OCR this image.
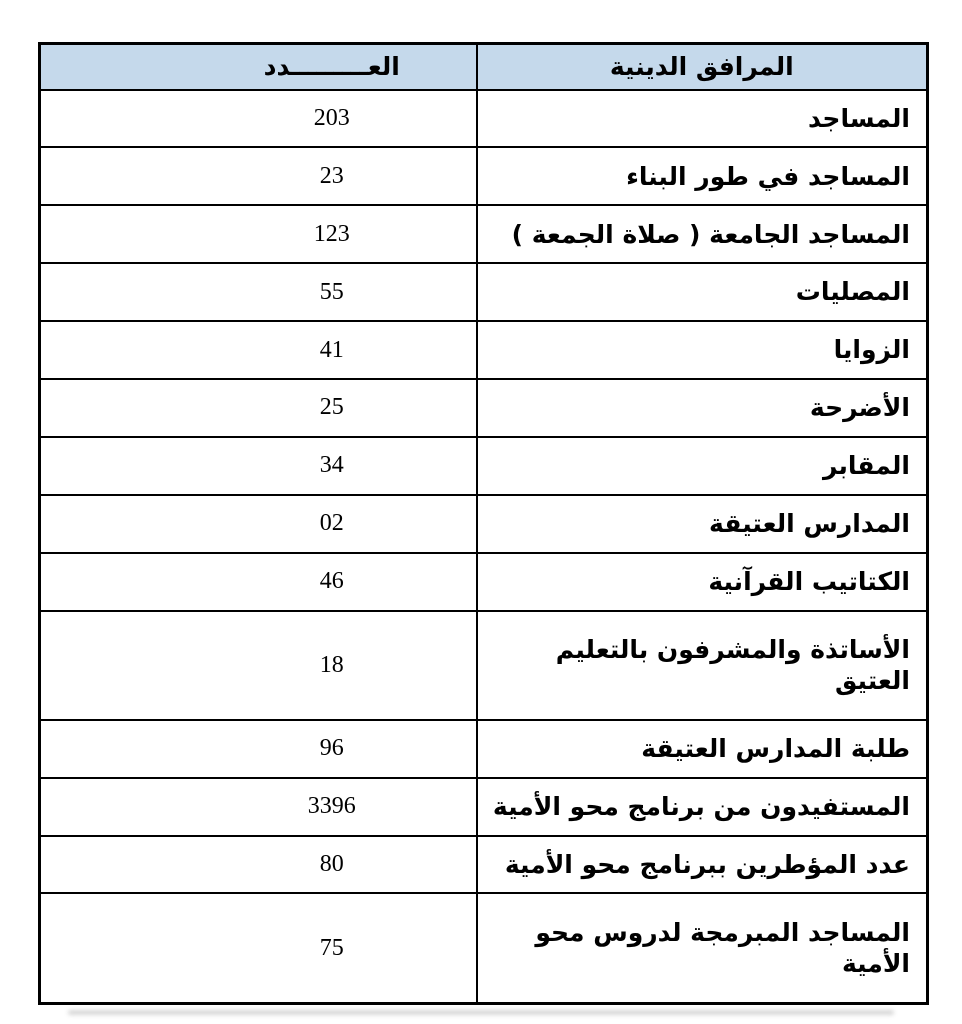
المرافق الدينية	العـــــــــدد
المساجد	203
المساجد في طور البناء	23
المساجد الجامعة ( صلاة الجمعة )	123
المصليات	55
الزوايا	41
الأضرحة	25
المقابر	34
المدارس العتيقة	02
الكتاتيب القرآنية	46
الأساتذة والمشرفون بالتعليم العتيق	18
طلبة المدارس العتيقة	96
المستفيدون من برنامج محو الأمية	3396
عدد المؤطرين ببرنامج محو الأمية	80
المساجد المبرمجة لدروس محو الأمية	75
